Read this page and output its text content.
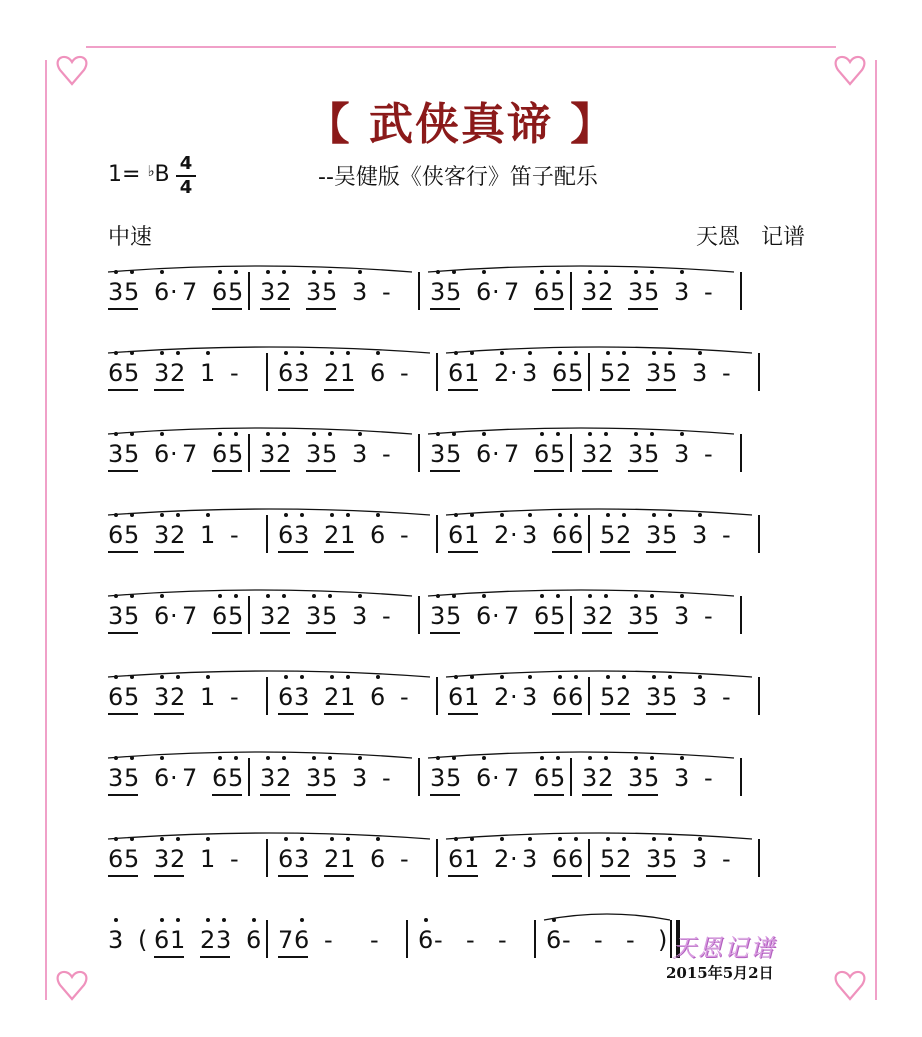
【 武侠真谛 】
1= ♭B 4
4	--吴健版《侠客行》笛子配乐
中速	天恩 记谱
3 5 6 · 7 6 5 3 2 3 5 3 - 3 5 6 · 7 6 5 3 2 3 5 3 -
6 5 3 2 1 - 6 3 2 1 6 - 6 1 2 · 3 6 5 5 2 3 5 3 -
3 5 6 · 7 6 5 3 2 3 5 3 - 3 5 6 · 7 6 5 3 2 3 5 3 -
6 5 3 2 1 - 6 3 2 1 6 - 6 1 2 · 3 6 6 5 2 3 5 3 -
3 5 6 · 7 6 5 3 2 3 5 3 - 3 5 6 · 7 6 5 3 2 3 5 3 -
6 5 3 2 1 - 6 3 2 1 6 - 6 1 2 · 3 6 6 5 2 3 5 3 -
3 5 6 · 7 6 5 3 2 3 5 3 - 3 5 6 · 7 6 5 3 2 3 5 3 -
6 5 3 2 1 - 6 3 2 1 6 - 6 1 2 · 3 6 6 5 2 3 5 3 -
3 ( 6 1 2 3 6 7 6 - - 6 - - - 6 - - - ) 天恩记谱
2015年5月2日
